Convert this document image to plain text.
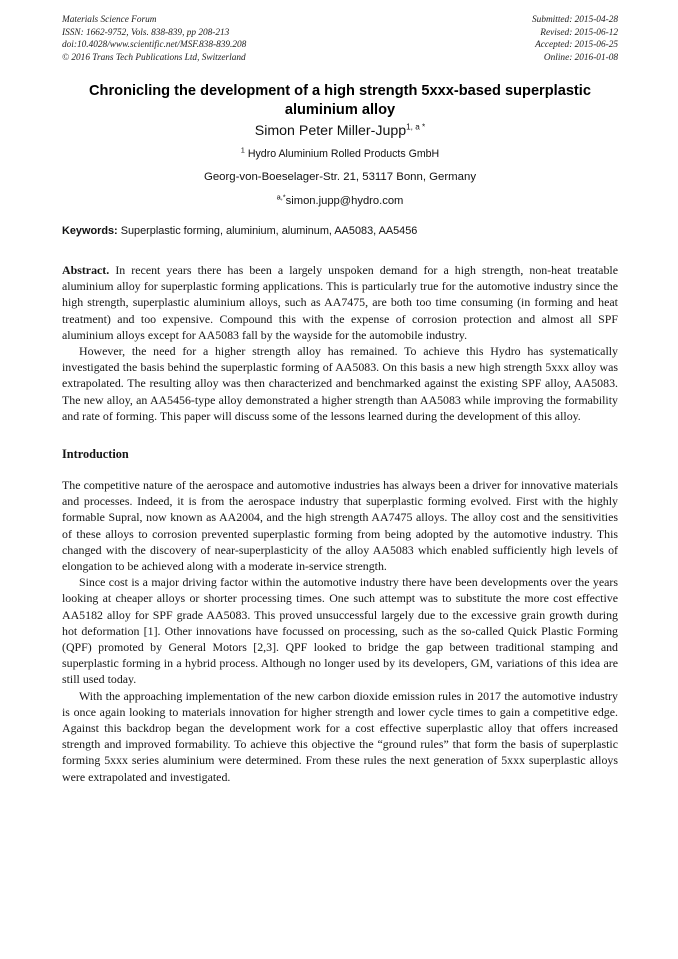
Materials Science Forum
ISSN: 1662-9752, Vols. 838-839, pp 208-213
doi:10.4028/www.scientific.net/MSF.838-839.208
© 2016 Trans Tech Publications Ltd, Switzerland
Submitted: 2015-04-28
Revised: 2015-06-12
Accepted: 2015-06-25
Online: 2016-01-08
Chronicling the development of a high strength 5xxx-based superplastic aluminium alloy
Simon Peter Miller-Jupp$^{1, a *}$
$^1$ Hydro Aluminium Rolled Products GmbH
Georg-von-Boeselager-Str. 21, 53117 Bonn, Germany
$^{a,*}$simon.jupp@hydro.com
Keywords: Superplastic forming, aluminium, aluminum, AA5083, AA5456

Abstract. In recent years there has been a largely unspoken demand for a high strength, non-heat treatable aluminium alloy for superplastic forming applications. This is particularly true for the automotive industry since the high strength, superplastic aluminium alloys, such as AA7475, are both too time consuming (in forming and heat treatment) and too expensive. Compound this with the expense of corrosion protection and almost all SPF aluminium alloys except for AA5083 fall by the wayside for the automobile industry.

However, the need for a higher strength alloy has remained. To achieve this Hydro has systematically investigated the basis behind the superplastic forming of AA5083. On this basis a new high strength 5xxx alloy was extrapolated. The resulting alloy was then characterized and benchmarked against the existing SPF alloy, AA5083. The new alloy, an AA5456-type alloy demonstrated a higher strength than AA5083 while improving the formability and rate of forming. This paper will discuss some of the lessons learned during the development of this alloy.

Introduction

The competitive nature of the aerospace and automotive industries has always been a driver for innovative materials and processes. Indeed, it is from the aerospace industry that superplastic forming evolved. First with the highly formable Supral, now known as AA2004, and the high strength AA7475 alloys. The alloy cost and the sensitivities of these alloys to corrosion prevented superplastic forming from being adopted by the automotive industry. This changed with the discovery of near-superplasticity of the alloy AA5083 which enabled sufficiently high levels of elongation to be achieved along with a moderate in-service strength.

Since cost is a major driving factor within the automotive industry there have been developments over the years looking at cheaper alloys or shorter processing times. One such attempt was to substitute the more cost effective AA5182 alloy for SPF grade AA5083. This proved unsuccessful largely due to the excessive grain growth during hot deformation [1]. Other innovations have focussed on processing, such as the so-called Quick Plastic Forming (QPF) promoted by General Motors [2,3]. QPF looked to bridge the gap between traditional stamping and superplastic forming in a hybrid process. Although no longer used by its developers, GM, variations of this idea are still used today.

With the approaching implementation of the new carbon dioxide emission rules in 2017 the automotive industry is once again looking to materials innovation for higher strength and lower cycle times to gain a competitive edge. Against this backdrop began the development work for a cost effective superplastic alloy that offers increased strength and improved formability. To achieve this objective the “ground rules” that form the basis of superplastic forming 5xxx series aluminium were determined. From these rules the next generation of 5xxx superplastic alloys were extrapolated and investigated.
